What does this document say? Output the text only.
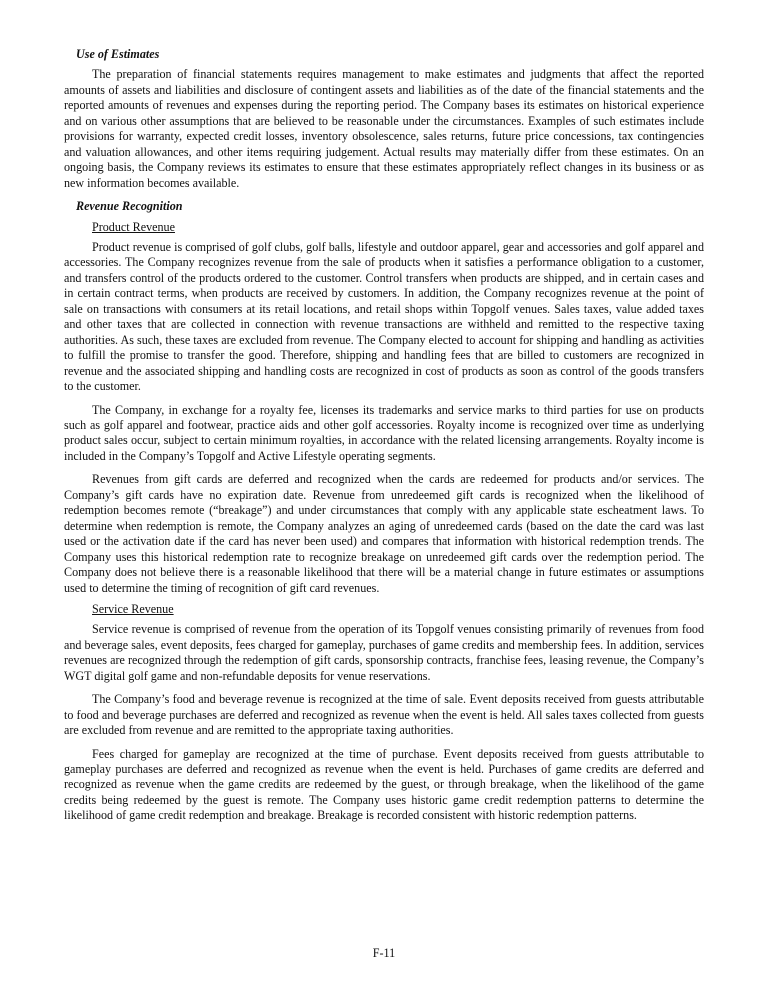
Use of Estimates

The preparation of financial statements requires management to make estimates and judgments that affect the reported amounts of assets and liabilities and disclosure of contingent assets and liabilities as of the date of the financial statements and the reported amounts of revenues and expenses during the reporting period. The Company bases its estimates on historical experience and on various other assumptions that are believed to be reasonable under the circumstances. Examples of such estimates include provisions for warranty, expected credit losses, inventory obsolescence, sales returns, future price concessions, tax contingencies and valuation allowances, and other items requiring judgement. Actual results may materially differ from these estimates. On an ongoing basis, the Company reviews its estimates to ensure that these estimates appropriately reflect changes in its business or as new information becomes available.

Revenue Recognition
Product Revenue

Product revenue is comprised of golf clubs, golf balls, lifestyle and outdoor apparel, gear and accessories and golf apparel and accessories. The Company recognizes revenue from the sale of products when it satisfies a performance obligation to a customer, and transfers control of the products ordered to the customer. Control transfers when products are shipped, and in certain cases and in certain contract terms, when products are received by customers. In addition, the Company recognizes revenue at the point of sale on transactions with consumers at its retail locations, and retail shops within Topgolf venues. Sales taxes, value added taxes and other taxes that are collected in connection with revenue transactions are withheld and remitted to the respective taxing authorities. As such, these taxes are excluded from revenue. The Company elected to account for shipping and handling as activities to fulfill the promise to transfer the good. Therefore, shipping and handling fees that are billed to customers are recognized in revenue and the associated shipping and handling costs are recognized in cost of products as soon as control of the goods transfers to the customer.

The Company, in exchange for a royalty fee, licenses its trademarks and service marks to third parties for use on products such as golf apparel and footwear, practice aids and other golf accessories. Royalty income is recognized over time as underlying product sales occur, subject to certain minimum royalties, in accordance with the related licensing arrangements. Royalty income is included in the Company’s Topgolf and Active Lifestyle operating segments.

Revenues from gift cards are deferred and recognized when the cards are redeemed for products and/or services. The Company’s gift cards have no expiration date. Revenue from unredeemed gift cards is recognized when the likelihood of redemption becomes remote (“breakage”) and under circumstances that comply with any applicable state escheatment laws. To determine when redemption is remote, the Company analyzes an aging of unredeemed cards (based on the date the card was last used or the activation date if the card has never been used) and compares that information with historical redemption trends. The Company uses this historical redemption rate to recognize breakage on unredeemed gift cards over the redemption period. The Company does not believe there is a reasonable likelihood that there will be a material change in future estimates or assumptions used to determine the timing of recognition of gift card revenues.

Service Revenue

Service revenue is comprised of revenue from the operation of its Topgolf venues consisting primarily of revenues from food and beverage sales, event deposits, fees charged for gameplay, purchases of game credits and membership fees. In addition, services revenues are recognized through the redemption of gift cards, sponsorship contracts, franchise fees, leasing revenue, the Company’s WGT digital golf game and non-refundable deposits for venue reservations.

The Company’s food and beverage revenue is recognized at the time of sale. Event deposits received from guests attributable to food and beverage purchases are deferred and recognized as revenue when the event is held. All sales taxes collected from guests are excluded from revenue and are remitted to the appropriate taxing authorities.

Fees charged for gameplay are recognized at the time of purchase. Event deposits received from guests attributable to gameplay purchases are deferred and recognized as revenue when the event is held. Purchases of game credits are deferred and recognized as revenue when the game credits are redeemed by the guest, or through breakage, when the likelihood of the game credits being redeemed by the guest is remote. The Company uses historic game credit redemption patterns to determine the likelihood of game credit redemption and breakage. Breakage is recorded consistent with historic redemption patterns.

F-11
